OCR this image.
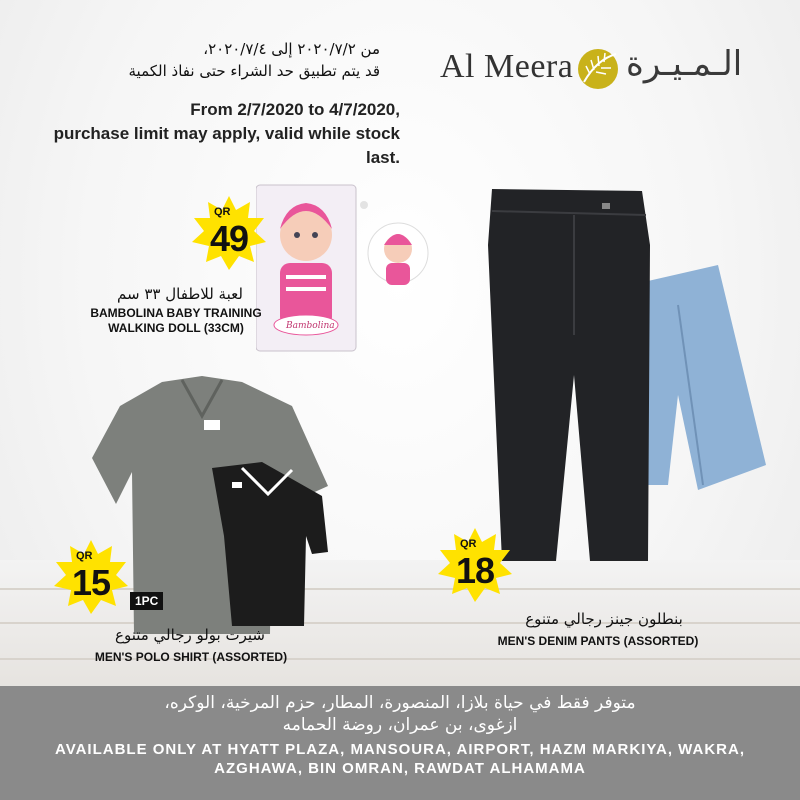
من ٢٠٢٠/٧/٢ إلى ٢٠٢٠/٧/٤،
قد يتم تطبيق حد الشراء حتى نفاذ الكمية
From 2/7/2020 to 4/7/2020,
purchase limit may apply, valid while stock last.
Al Meera الـمـيـرة
Bambolina
QR
49
لعبة للاطفال ٣٣ سم
BAMBOLINA BABY TRAINING
WALKING DOLL (33CM)
QR
18
بنطلون جينز رجالي متنوع
MEN'S DENIM PANTS (ASSORTED)
1PC
QR
15
شيرت بولو رجالي متنوع
MEN'S POLO SHIRT (ASSORTED)
متوفر فقط في حياة بلازا، المنصورة، المطار، حزم المرخية، الوكره،
ازغوى، بن عمران، روضة الحمامه
AVAILABLE ONLY AT HYATT PLAZA, MANSOURA, AIRPORT, HAZM MARKIYA, WAKRA,
AZGHAWA, BIN OMRAN, RAWDAT ALHAMAMA
